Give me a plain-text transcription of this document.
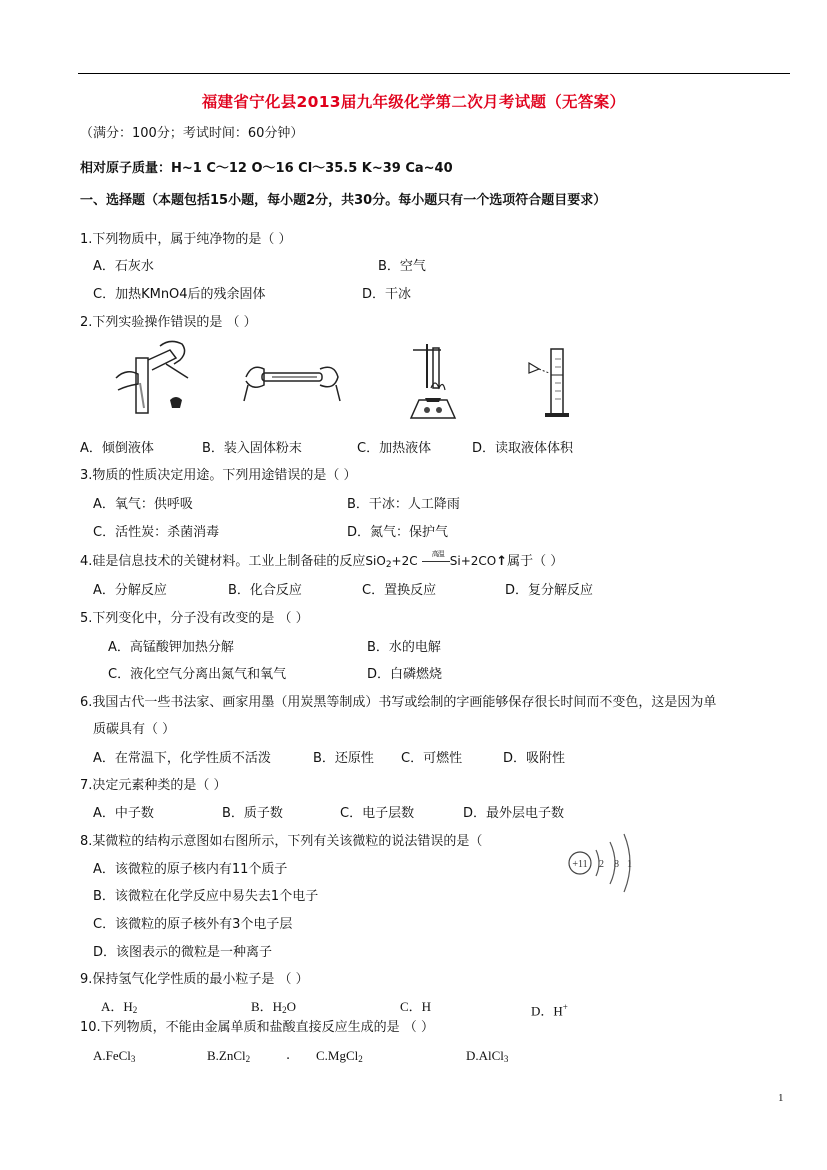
福建省宁化县2013届九年级化学第二次月考试题（无答案）
（满分：100分；考试时间：60分钟）
相对原子质量：H~1 C～12 O～16 Cl～35.5 K~39 Ca~40
一、选择题（本题包括15小题，每小题2分，共30分。每小题只有一个选项符合题目要求）
1.下列物质中，属于纯净物的是（ ）
A．石灰水	B．空气
C．加热KMnO4后的残余固体	D．干冰
2.下列实验操作错误的是 （ ）
A．倾倒液体	B．装入固体粉末	C．加热液体	D．读取液体体积
3.物质的性质决定用途。下列用途错误的是（ ）
A．氧气：供呼吸	B．干冰：人工降雨
C．活性炭：杀菌消毒	D．氮气：保护气
4.硅是信息技术的关键材料。工业上制备硅的反应SiO$_2$+2C 高温 Si+2CO↑属于（ ）
A．分解反应	B．化合反应	C．置换反应	D．复分解反应
5.下列变化中，分子没有改变的是 （ ）
A．高锰酸钾加热分解	B．水的电解
C．液化空气分离出氮气和氧气	D．白磷燃烧
6.我国古代一些书法家、画家用墨（用炭黑等制成）书写或绘制的字画能够保存很长时间而不变色，这是因为单
质碳具有（ ）
A．在常温下，化学性质不活泼	B．还原性 C．可燃性	D．吸附性
7.决定元素种类的是（ ）
A．中子数	B．质子数	C．电子层数	D．最外层电子数
8.某微粒的结构示意图如右图所示，下列有关该微粒的说法错误的是（
A．该微粒的原子核内有11个质子
B．该微粒在化学反应中易失去1个电子
C．该微粒的原子核外有3个电子层
D．该图表示的微粒是一种离子
+11 2 8 1
9.保持氢气化学性质的最小粒子是 （ ）
A．$H_2$	B．$H_2O$	C．H	D．H+
10.下列物质，不能由金属单质和盐酸直接反应生成的是 （ ）
A.FeCl$_3$	B.ZnCl$_2$	. C.MgCl$_2$	D.AlCl$_3$
1
